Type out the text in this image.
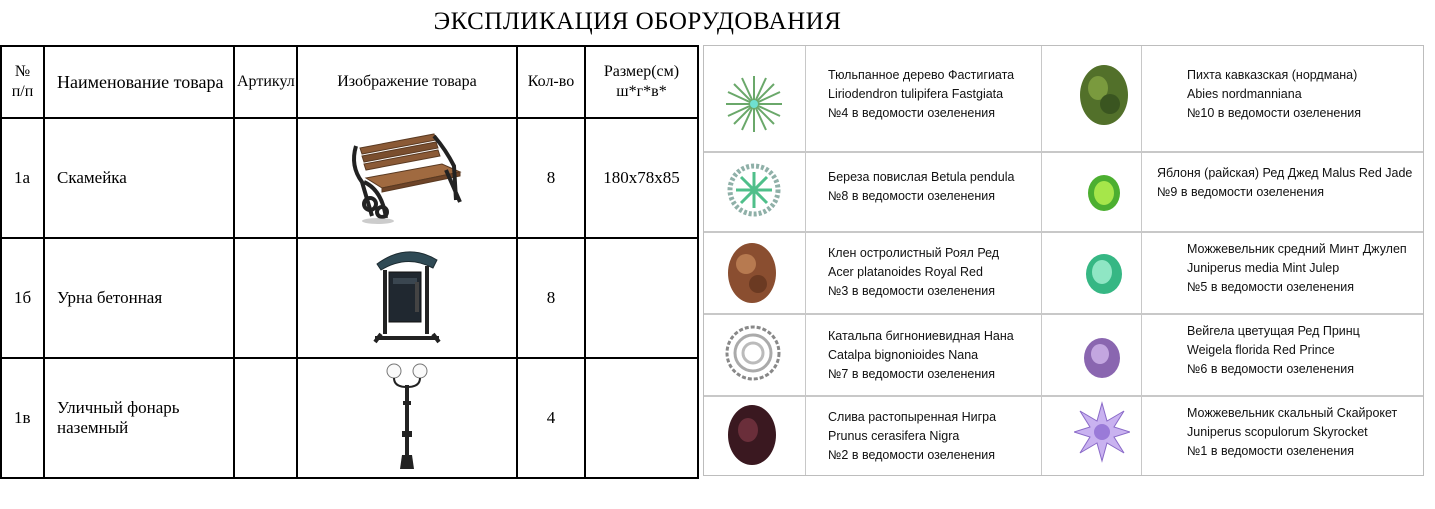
ЭКСПЛИКАЦИЯ ОБОРУДОВАНИЯ
№ п/п	Наименование товара	Артикул	Изображение товара	Кол-во	Размер(см) ш*г*в*
1а	Скамейка			8	180x78x85
1б	Урна бетонная			8	
1в	Уличный фонарь наземный			4	
Тюльпанное дерево Фастигиата
Liriodendron tulipifera Fastgiata
№4 в ведомости озеленения
Пихта кавказская (нордмана)
Abies nordmanniana
№10 в ведомости озеленения
Береза повислая Betula pendula
№8 в ведомости озеленения
Яблоня (райская) Ред Джед Malus Red Jade
№9 в ведомости озеленения
Клен остролистный Роял Ред
Acer platanoides Royal Red
№3 в ведомости озеленения
Можжевельник средний Минт Джулеп
Juniperus media Mint Julep
№5 в ведомости озеленения
Катальпа бигнониевидная Нана
Catalpa bignonioides Nana
№7 в ведомости озеленения
Вейгела цветущая Ред Принц
Weigela florida Red Prince
№6 в ведомости озеленения
Слива растопыренная Нигра
Prunus cerasifera Nigra
№2 в ведомости озеленения
Можжевельник скальный Скайрокет
Juniperus scopulorum Skyrocket
№1 в ведомости озеленения
